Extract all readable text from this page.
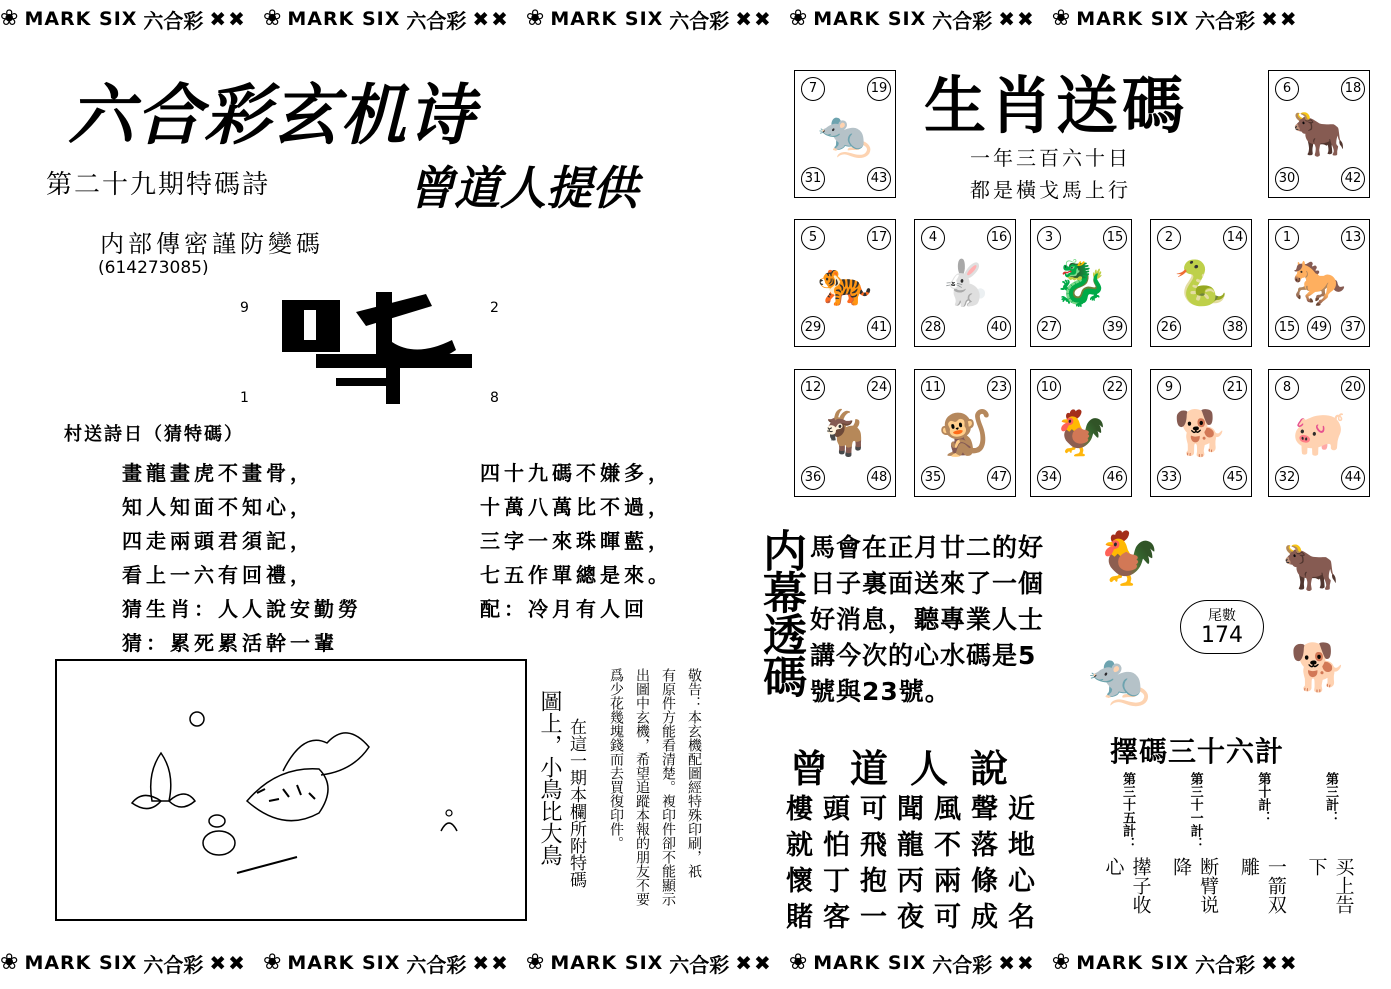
❀ MARK SIX 六合彩 ✖✖ ❀ MARK SIX 六合彩 ✖✖ ❀ MARK SIX 六合彩 ✖✖ ❀ MARK SIX 六合彩 ✖✖ ❀ MARK SIX 六合彩 ✖✖
❀ MARK SIX 六合彩 ✖✖ ❀ MARK SIX 六合彩 ✖✖ ❀ MARK SIX 六合彩 ✖✖ ❀ MARK SIX 六合彩 ✖✖ ❀ MARK SIX 六合彩 ✖✖
六合彩玄机诗
第二十九期特碼詩	曾道人提供
内部傳密謹防變碼
(614273085)
9	2
1	8
村送詩日（猜特碼）
畫龍畫虎不畫骨，
知人知面不知心，
四走兩頭君須記，
看上一六有回禮，
猜生肖：人人說安勤勞
猜：累死累活幹一輩
四十九碼不嫌多，
十萬八萬比不過，
三字一來珠暉藍，
七五作單總是來。
配：冷月有人回
圖上，小鳥比大鳥 在這一期本欄所附特碼	敬告：本玄機配圖經特殊印刷，祇
有原件方能看清楚。複印件卻不能顯示
出圖中玄機，希望追蹤本報的朋友不要
爲少花幾塊錢而去買復印件。
生肖送碼
一年三百六十日
都是橫戈馬上行
🐀
7	19
31	43
🐂
6	18
30	42
🐅
5	17
29	41
🐇
4	16
28	40
🐉
3	15
27	39
🐍
2	14
26	38
🐎
1	13
15 49 37
🐐
12	24
36	48
🐒
11	23
35	47
🐓
10	22
34	46
🐕
9	21
33	45
🐖
8	20
32	44
内幕透碼 馬會在正月廿二的好
日子裏面送來了一個
好消息，聽專業人士
講今次的心水碼是5
號與23號。
尾數
174
🐓	🐂
🐀	🐕
曾道人說
樓頭可聞風聲近
就怕飛龍不落地
懷丁抱丙兩條心
賭客一夜可成名
擇碼三十六計
第三計：
买上告下
第十計：
一箭双雕
第三十一計：
断臂说降
第三十五計：
撵子收心
